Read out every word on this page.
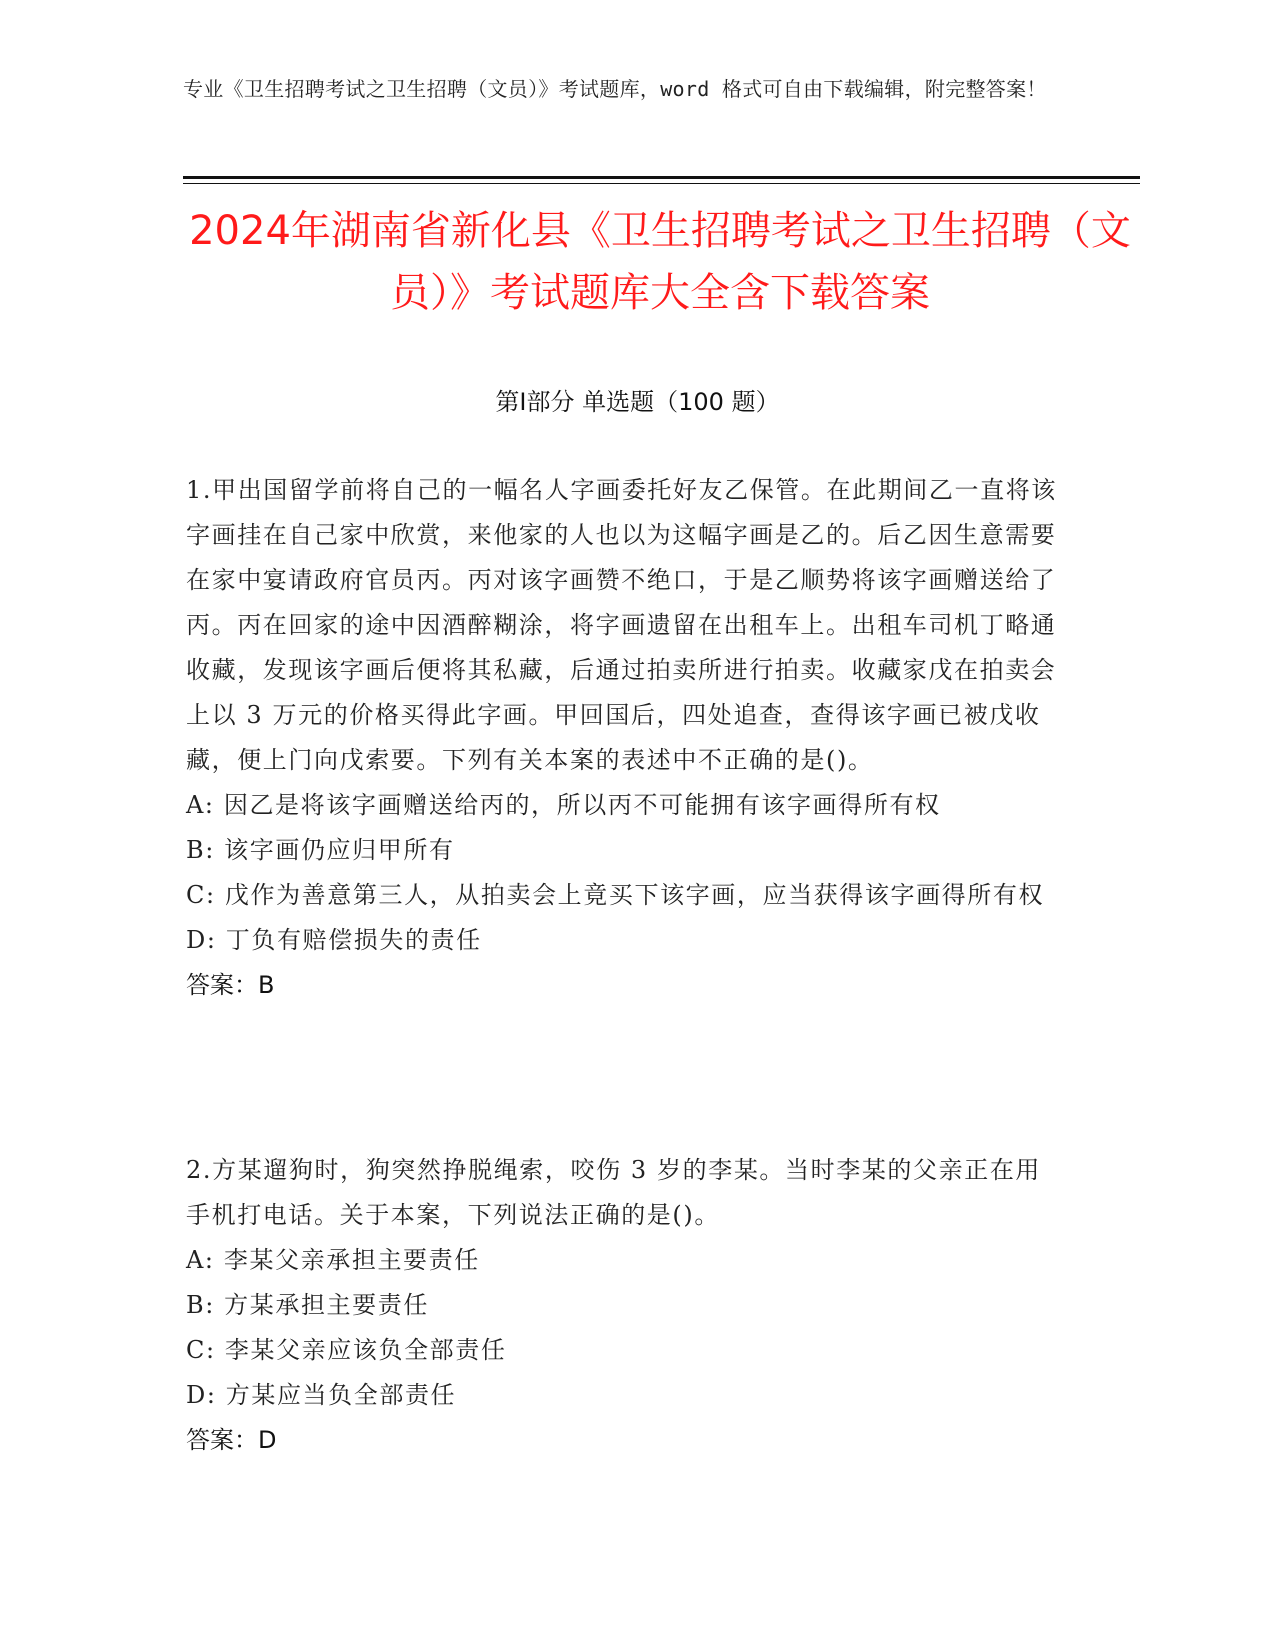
专业《卫生招聘考试之卫生招聘（文员）》考试题库，word 格式可自由下载编辑，附完整答案！
2024年湖南省新化县《卫生招聘考试之卫生招聘（文员）》考试题库大全含下载答案
第Ⅰ部分 单选题（100 题）
1.甲出国留学前将自己的一幅名人字画委托好友乙保管。在此期间乙一直将该字画挂在自己家中欣赏，来他家的人也以为这幅字画是乙的。后乙因生意需要在家中宴请政府官员丙。丙对该字画赞不绝口，于是乙顺势将该字画赠送给了丙。丙在回家的途中因酒醉糊涂，将字画遗留在出租车上。出租车司机丁略通收藏，发现该字画后便将其私藏，后通过拍卖所进行拍卖。收藏家戊在拍卖会上以 3 万元的价格买得此字画。甲回国后，四处追查，查得该字画已被戊收藏，便上门向戊索要。下列有关本案的表述中不正确的是()。
A: 因乙是将该字画赠送给丙的，所以丙不可能拥有该字画得所有权
B: 该字画仍应归甲所有
C: 戊作为善意第三人，从拍卖会上竟买下该字画，应当获得该字画得所有权
D: 丁负有赔偿损失的责任
答案：B
2.方某遛狗时，狗突然挣脱绳索，咬伤 3 岁的李某。当时李某的父亲正在用手机打电话。关于本案，下列说法正确的是()。
A: 李某父亲承担主要责任
B: 方某承担主要责任
C: 李某父亲应该负全部责任
D: 方某应当负全部责任
答案：D
